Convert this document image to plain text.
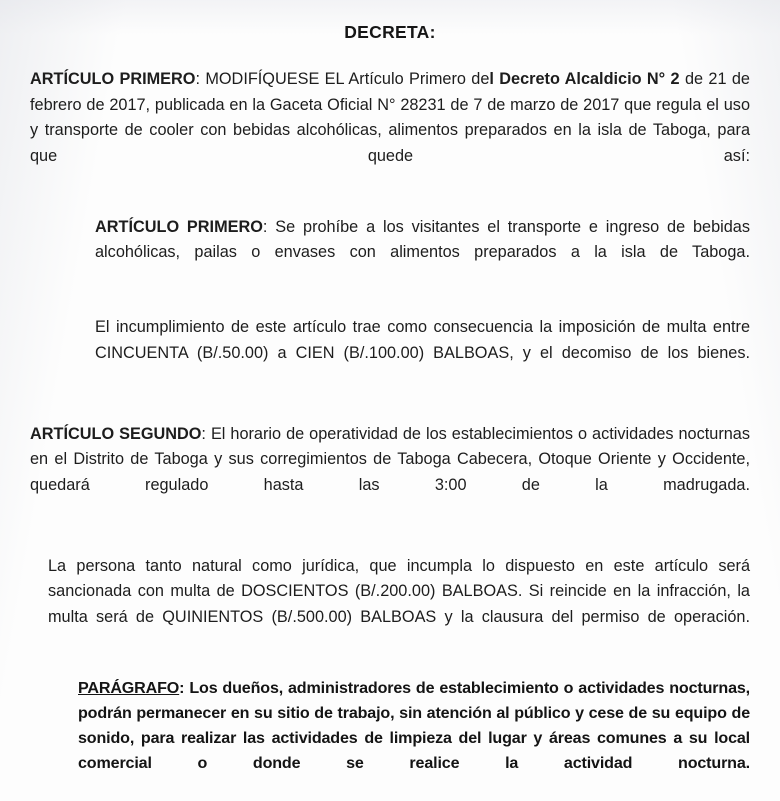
DECRETA:

ARTÍCULO PRIMERO: MODIFÍQUESE EL Artículo Primero del Decreto Alcaldicio N° 2 de 21 de febrero de 2017, publicada en la Gaceta Oficial N° 28231 de 7 de marzo de 2017 que regula el uso y transporte de cooler con bebidas alcohólicas, alimentos preparados en la isla de Taboga, para que quede así:

ARTÍCULO PRIMERO: Se prohíbe a los visitantes el transporte e ingreso de bebidas alcohólicas, pailas o envases con alimentos preparados a la isla de Taboga.

El incumplimiento de este artículo trae como consecuencia la imposición de multa entre CINCUENTA (B/.50.00) a CIEN (B/.100.00) BALBOAS, y el decomiso de los bienes.

ARTÍCULO SEGUNDO: El horario de operatividad de los establecimientos o actividades nocturnas en el Distrito de Taboga y sus corregimientos de Taboga Cabecera, Otoque Oriente y Occidente, quedará regulado hasta las 3:00 de la madrugada.

La persona tanto natural como jurídica, que incumpla lo dispuesto en este artículo será sancionada con multa de DOSCIENTOS (B/.200.00) BALBOAS. Si reincide en la infracción, la multa será de QUINIENTOS (B/.500.00) BALBOAS y la clausura del permiso de operación.

PARÁGRAFO: Los dueños, administradores de establecimiento o actividades nocturnas, podrán permanecer en su sitio de trabajo, sin atención al público y cese de su equipo de sonido, para realizar las actividades de limpieza del lugar y áreas comunes a su local comercial o donde se realice la actividad nocturna.
